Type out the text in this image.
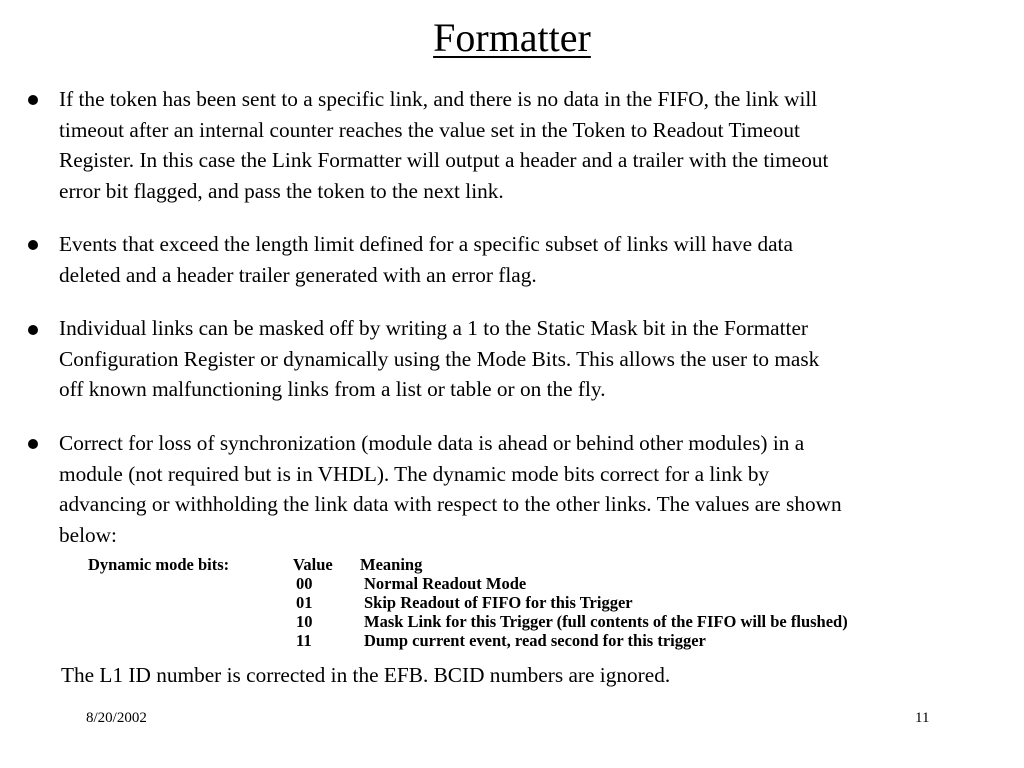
Formatter
If the token has been sent to a specific link, and there is no data in the FIFO, the link will
timeout after an internal counter reaches the value set in the Token to Readout Timeout
Register. In this case the Link Formatter will output a header and a trailer with the timeout
error bit flagged, and pass the token to the next link.
Events that exceed the length limit defined for a specific subset of links will have data
deleted and a header trailer generated with an error flag.
Individual links can be masked off by writing a 1 to the Static Mask bit in the Formatter
Configuration Register or dynamically using the Mode Bits. This allows the user to mask
off known malfunctioning links from a list or table or on the fly.
Correct for loss of synchronization (module data is ahead or behind other modules) in a
module (not required but is in VHDL). The dynamic mode bits correct for a link by
advancing or withholding the link data with respect to the other links. The values are shown
below:
Dynamic mode bits:	Value Meaning
00	Normal Readout Mode
01	Skip Readout of FIFO for this Trigger
10	Mask Link for this Trigger (full contents of the FIFO will be flushed)
11	Dump current event, read second for this trigger
The L1 ID number is corrected in the EFB. BCID numbers are ignored.
8/20/2002	11
